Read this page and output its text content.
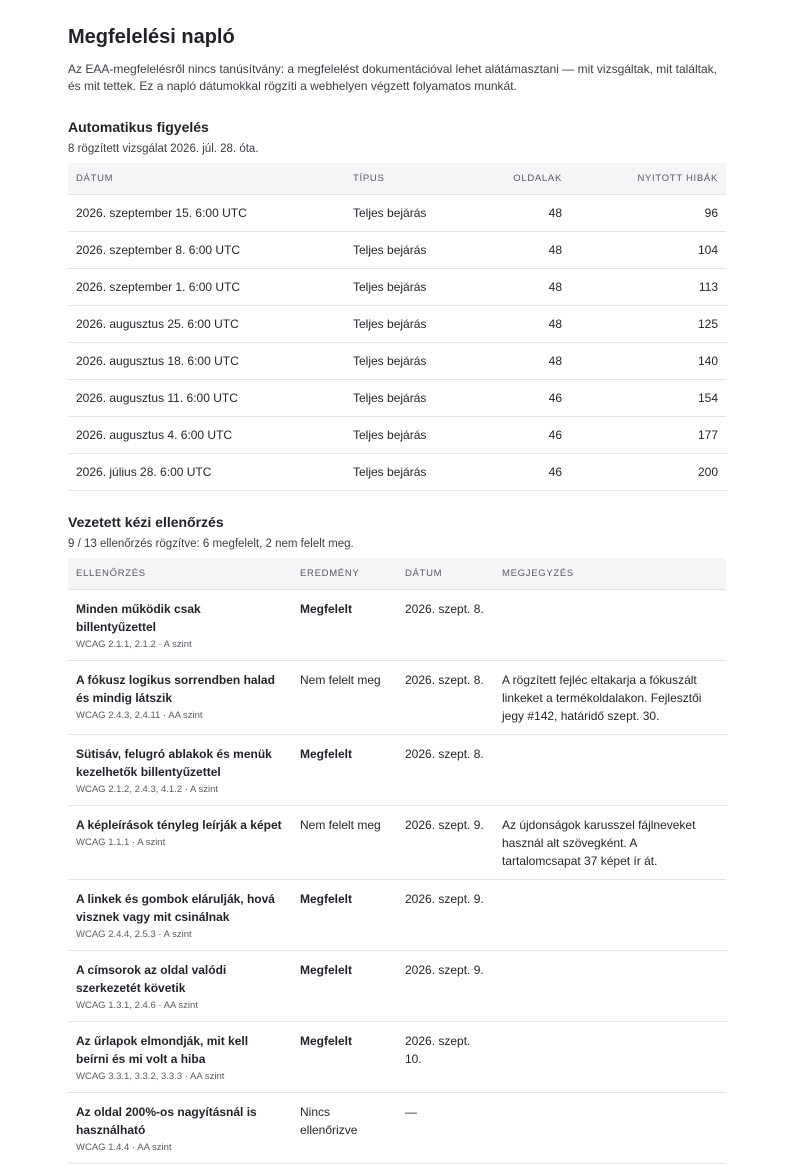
Megfelelési napló

Az EAA-megfelelésről nincs tanúsítvány: a megfelelést dokumentációval lehet alátámasztani — mit vizsgáltak, mit találtak, és mit tettek. Ez a napló dátumokkal rögzíti a webhelyen végzett folyamatos munkát.

Automatikus figyelés

8 rögzített vizsgálat 2026. júl. 28. óta.

DÁTUM	TÍPUS	OLDALAK	NYITOTT HIBÁK
2026. szeptember 15. 6:00 UTC	Teljes bejárás	48	96
2026. szeptember 8. 6:00 UTC	Teljes bejárás	48	104
2026. szeptember 1. 6:00 UTC	Teljes bejárás	48	113
2026. augusztus 25. 6:00 UTC	Teljes bejárás	48	125
2026. augusztus 18. 6:00 UTC	Teljes bejárás	48	140
2026. augusztus 11. 6:00 UTC	Teljes bejárás	46	154
2026. augusztus 4. 6:00 UTC	Teljes bejárás	46	177
2026. július 28. 6:00 UTC	Teljes bejárás	46	200
Vezetett kézi ellenőrzés

9 / 13 ellenőrzés rögzítve: 6 megfelelt, 2 nem felelt meg.

ELLENŐRZÉS	EREDMÉNY	DÁTUM	MEGJEGYZÉS

Minden működik csak billentyűzettel
WCAG 2.1.1, 2.1.2 · A szint	Megfelelt	2026. szept. 8.	

A fókusz logikus sorrendben halad és mindig látszik
WCAG 2.4.3, 2.4.11 · AA szint	Nem felelt meg	2026. szept. 8.	A rögzített fejléc eltakarja a fókuszált linkeket a termékoldalakon. Fejlesztői jegy #142, határidő szept. 30.

Sütisáv, felugró ablakok és menük kezelhetők billentyűzettel
WCAG 2.1.2, 2.4.3, 4.1.2 · A szint	Megfelelt	2026. szept. 8.	

A képleírások tényleg leírják a képet
WCAG 1.1.1 · A szint	Nem felelt meg	2026. szept. 9.	Az újdonságok karusszel fájlneveket használ alt szövegként. A tartalomcsapat 37 képet ír át.

A linkek és gombok elárulják, hová visznek vagy mit csinálnak
WCAG 2.4.4, 2.5.3 · A szint	Megfelelt	2026. szept. 9.	

A címsorok az oldal valódi szerkezetét követik
WCAG 1.3.1, 2.4.6 · AA szint	Megfelelt	2026. szept. 9.	

Az űrlapok elmondják, mit kell beírni és mi volt a hiba
WCAG 3.3.1, 3.3.2, 3.3.3 · AA szint	Megfelelt	2026. szept. 10.	

Az oldal 200%-os nagyításnál is használható
WCAG 1.4.4 · AA szint	Nincs ellenőrizve	—	
